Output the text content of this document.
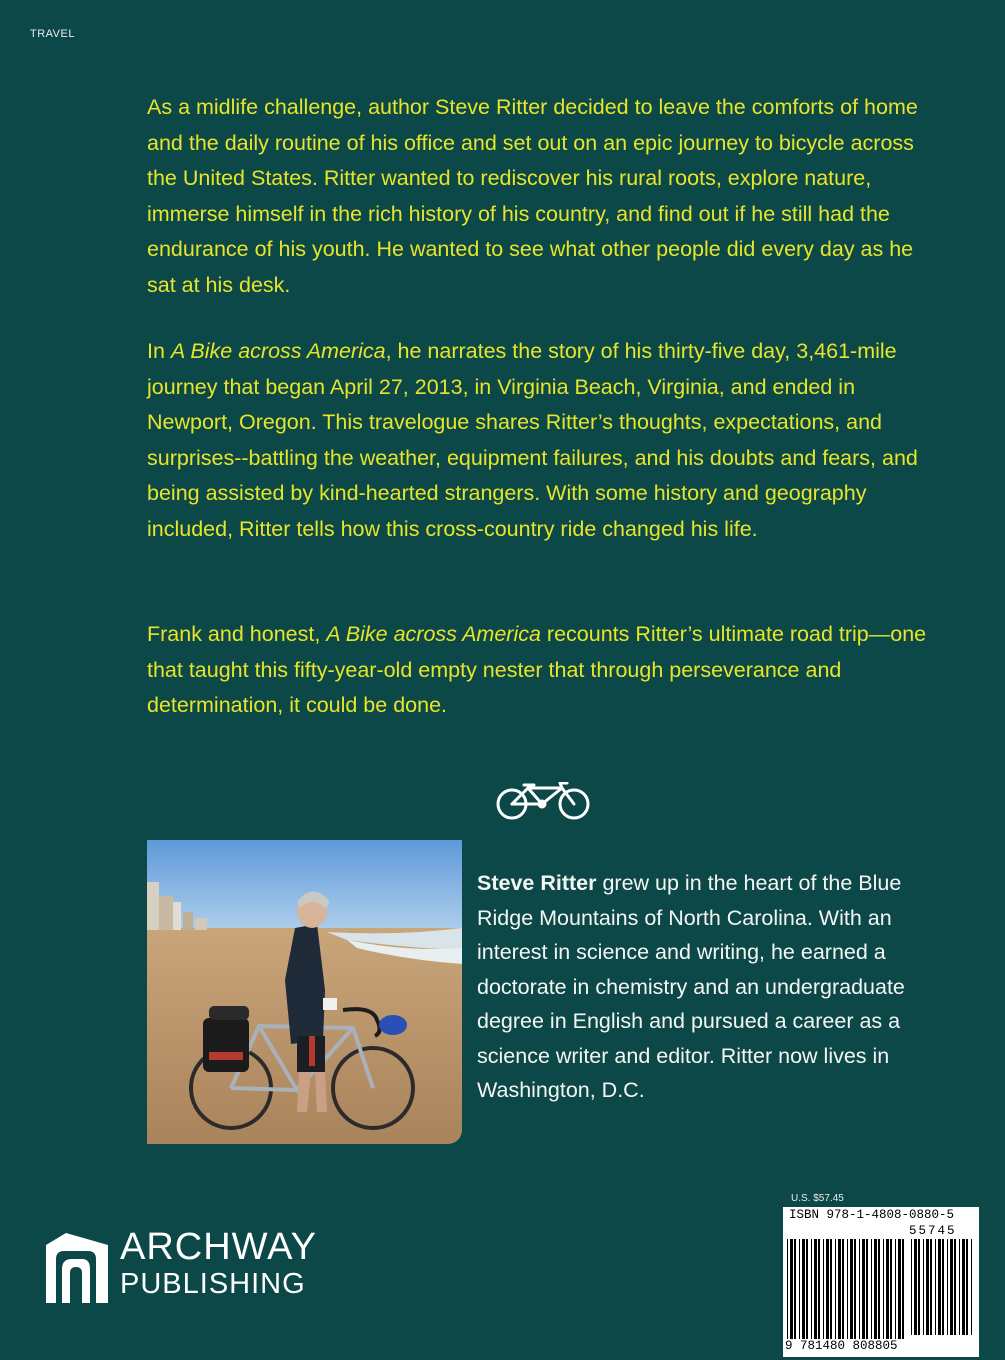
TRAVEL

As a midlife challenge, author Steve Ritter decided to leave the comforts of home and the daily routine of his office and set out on an epic journey to bicycle across the United States. Ritter wanted to rediscover his rural roots, explore nature, immerse himself in the rich history of his country, and find out if he still had the endurance of his youth. He wanted to see what other people did every day as he sat at his desk.

In A Bike across America, he narrates the story of his thirty-five day, 3,461-mile journey that began April 27, 2013, in Virginia Beach, Virginia, and ended in Newport, Oregon. This travelogue shares Ritter’s thoughts, expectations, and surprises--battling the weather, equipment failures, and his doubts and fears, and being assisted by kind-hearted strangers. With some history and geography included, Ritter tells how this cross-country ride changed his life.

Frank and honest, A Bike across America recounts Ritter’s ultimate road trip—one that taught this fifty-year-old empty nester that through perseverance and determination, it could be done.

Steve Ritter grew up in the heart of the Blue Ridge Mountains of North Carolina. With an interest in science and writing, he earned a doctorate in chemistry and an undergraduate degree in English and pursued a career as a science writer and editor. Ritter now lives in Washington, D.C.
ARCHWAY
PUBLISHING
U.S. $57.45
ISBN 978-1-4808-0880-5
55745
9 781480 808805
